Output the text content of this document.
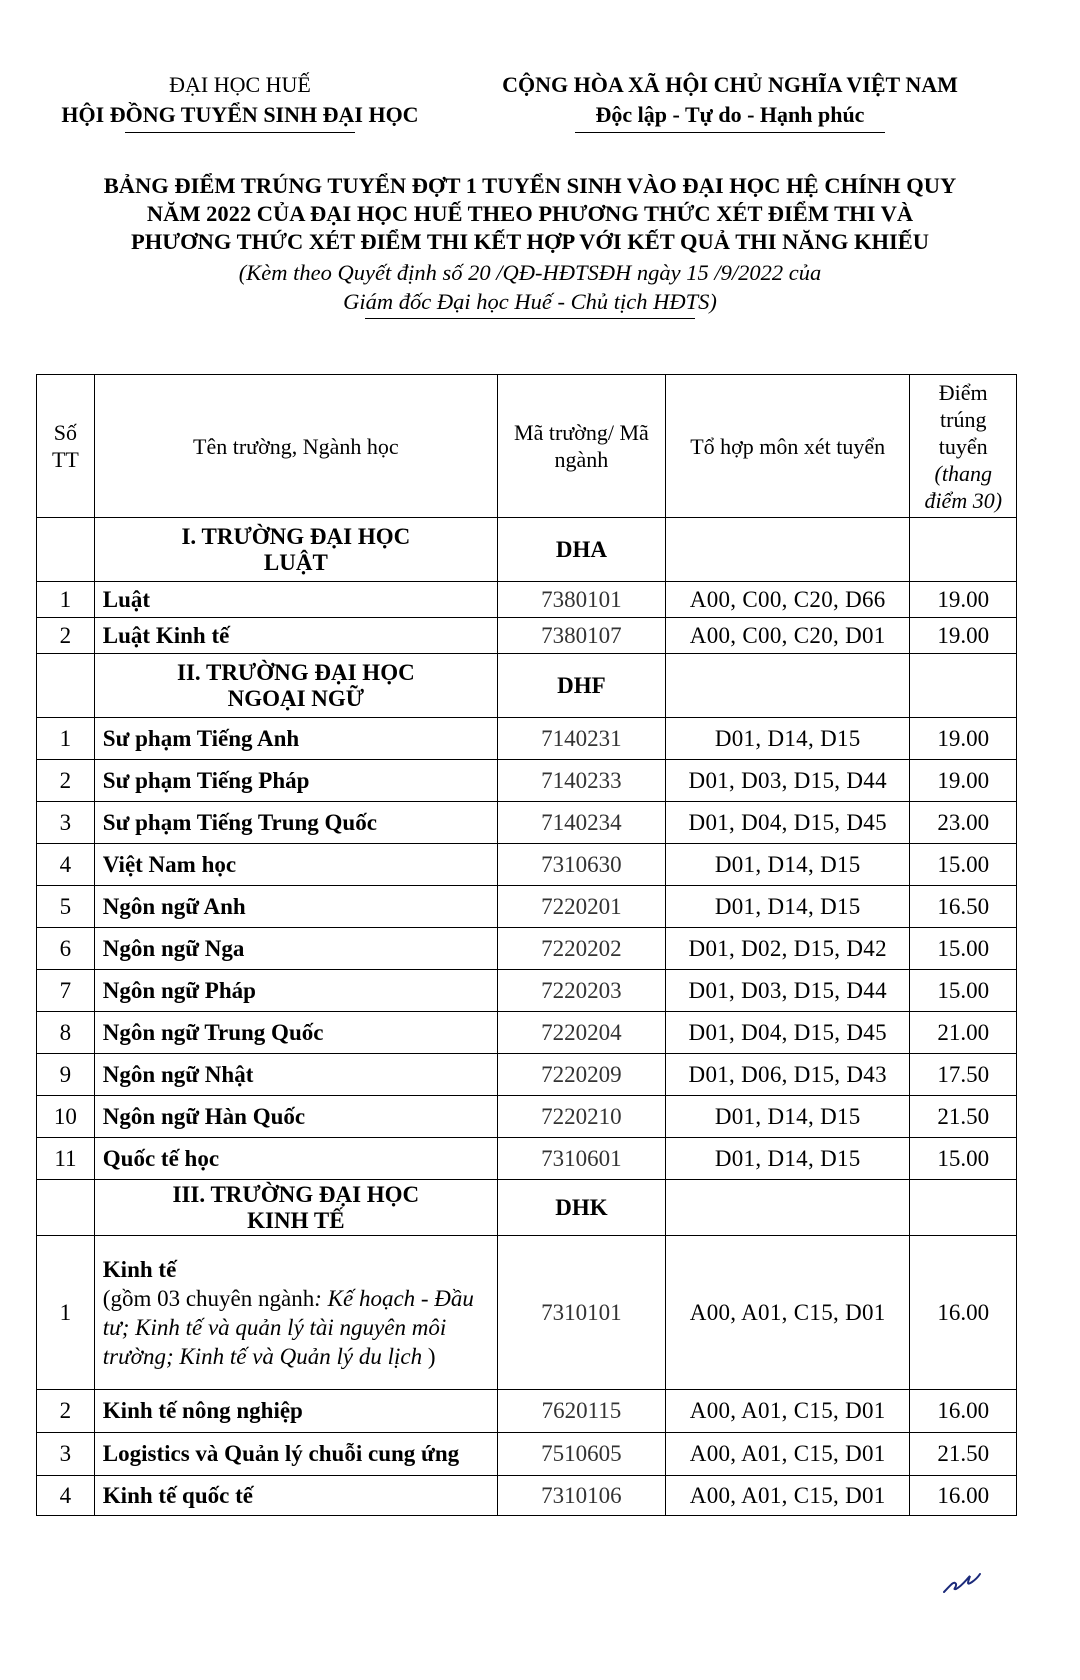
ĐẠI HỌC HUẾ
HỘI ĐỒNG TUYỂN SINH ĐẠI HỌC
CỘNG HÒA XÃ HỘI CHỦ NGHĨA VIỆT NAM
Độc lập - Tự do - Hạnh phúc
BẢNG ĐIỂM TRÚNG TUYỂN ĐỢT 1 TUYỂN SINH VÀO ĐẠI HỌC HỆ CHÍNH QUY
NĂM 2022 CỦA ĐẠI HỌC HUẾ THEO PHƯƠNG THỨC XÉT ĐIỂM THI VÀ
PHƯƠNG THỨC XÉT ĐIỂM THI KẾT HỢP VỚI KẾT QUẢ THI NĂNG KHIẾU
(Kèm theo Quyết định số 20 /QĐ-HĐTSĐH ngày 15 /9/2022 của
Giám đốc Đại học Huế - Chủ tịch HĐTS)
Số TT	Tên trường, Ngành học	Mã trường/ Mã ngành	Tổ hợp môn xét tuyển	Điểm trúng tuyển
(thang điểm 30)

	I. TRƯỜNG ĐẠI HỌC
LUẬT	DHA		
1	Luật	7380101	A00, C00, C20, D66	19.00
2	Luật Kinh tế	7380107	A00, C00, C20, D01	19.00

	II. TRƯỜNG ĐẠI HỌC
NGOẠI NGỮ	DHF		
1	Sư phạm Tiếng Anh	7140231	D01, D14, D15	19.00
2	Sư phạm Tiếng Pháp	7140233	D01, D03, D15, D44	19.00
3	Sư phạm Tiếng Trung Quốc	7140234	D01, D04, D15, D45	23.00
4	Việt Nam học	7310630	D01, D14, D15	15.00
5	Ngôn ngữ Anh	7220201	D01, D14, D15	16.50
6	Ngôn ngữ Nga	7220202	D01, D02, D15, D42	15.00
7	Ngôn ngữ Pháp	7220203	D01, D03, D15, D44	15.00
8	Ngôn ngữ Trung Quốc	7220204	D01, D04, D15, D45	21.00
9	Ngôn ngữ Nhật	7220209	D01, D06, D15, D43	17.50
10	Ngôn ngữ Hàn Quốc	7220210	D01, D14, D15	21.50
11	Quốc tế học	7310601	D01, D14, D15	15.00

	III. TRƯỜNG ĐẠI HỌC
KINH TẾ	DHK		
1	Kinh tế
(gồm 03 chuyên ngành: Kế hoạch - Đầu tư; Kinh tế và quản lý tài nguyên môi trường; Kinh tế và Quản lý du lịch )	7310101	A00, A01, C15, D01	16.00
2	Kinh tế nông nghiệp	7620115	A00, A01, C15, D01	16.00
3	Logistics và Quản lý chuỗi cung ứng	7510605	A00, A01, C15, D01	21.50
4	Kinh tế quốc tế	7310106	A00, A01, C15, D01	16.00
